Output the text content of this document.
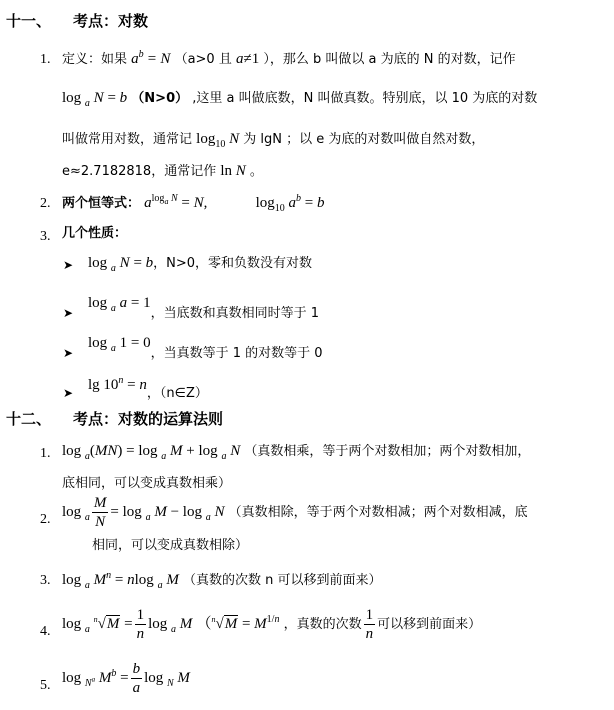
十一、 考点：对数
1. 定义：如果 $a^b = N$ （a>0 且 a≠1 ），那么 b 叫做以 a 为底的 N 的对数，记作
log $_a$ N = b （N>0） ,这里 a 叫做底数，N 叫做真数。特别底，以 10 为底的对数
叫做常用对数，通常记 $\log_{10} N$ 为 lgN ；以 e 为底的对数叫做自然对数，
e≈2.7182818，通常记作 ln N 。
2. 两个恒等式： $a^{log_a N} = N$,	$\log_{10} a^b = b$
3. 几个性质：
➤ log $_a$ N = b，N>0，零和负数没有对数
➤
log $_a$ a = 1，当底数和真数相同时等于 1
➤
log $_a$ 1 = 0，当真数等于 1 的对数等于 0
➤ $\lg 10^n = n$，（n∈Z）
十二、 考点：对数的运算法则
1. log $_a$(MN) = log $_a$ M + log $_a$ N （真数相乘，等于两个对数相加；两个对数相加，
底相同，可以变成真数相乘）
2. $\log _a \frac{M}{N} = \log _a$ M − log $_a$ N （真数相除，等于两个对数相减；两个对数相减，底
相同，可以变成真数相除）
3. log $_a$ $M^n = nlog$ $_a$ M （真数的次数 n 可以移到前面来）
4. log $_a$ $^n√M = \frac{1}{n}$ log $_a$ M （$^n√M = M^{1/n}$ ，真数的次数 $\frac{1}{n}$ 可以移到前面来）
5. log $_{N^a}$ $M^b = \frac{b}{a}$ log $_N$ M
